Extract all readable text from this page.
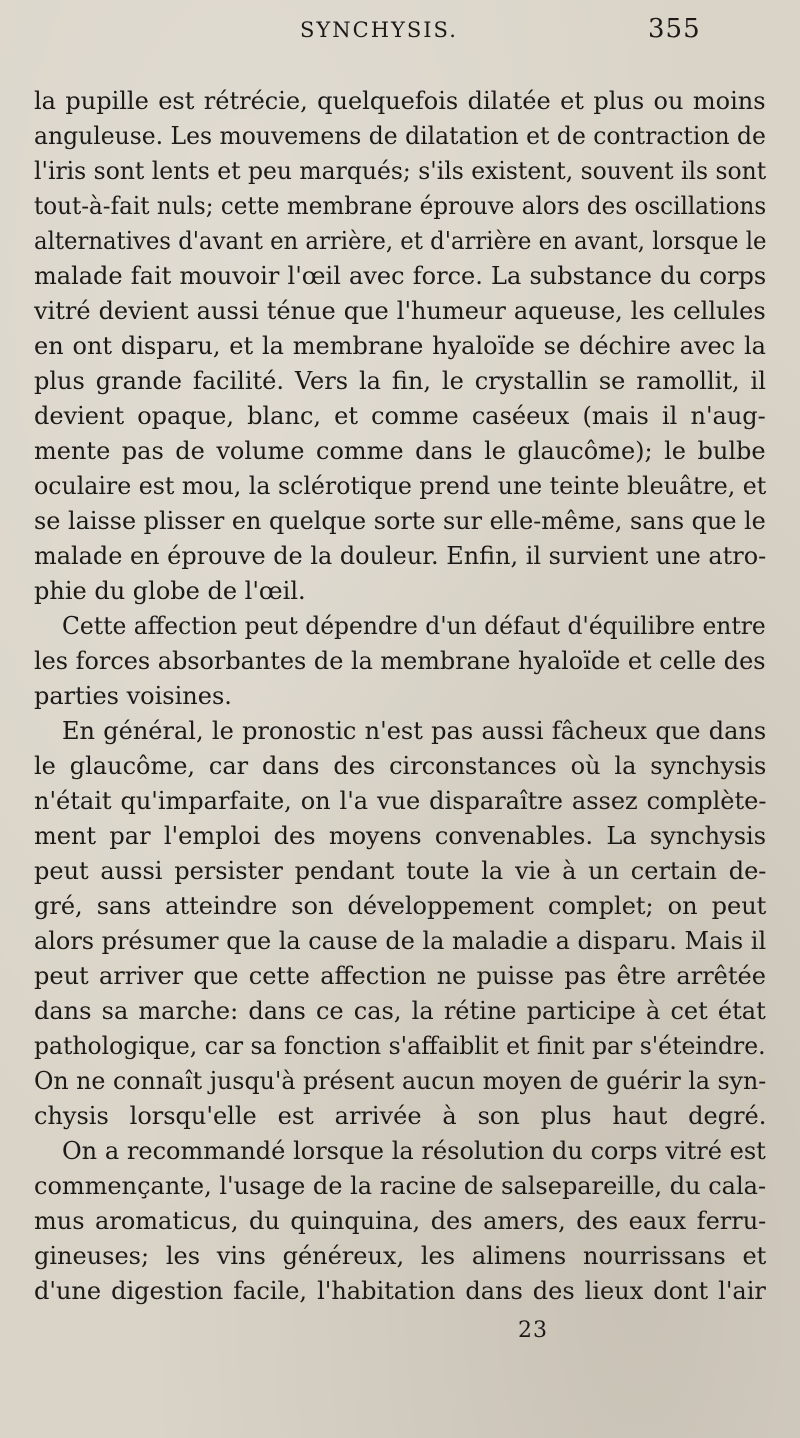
SYNCHYSIS.	355
la pupille est rétrécie, quelquefois dilatée et plus ou moins
anguleuse. Les mouvemens de dilatation et de contraction de
l'iris sont lents et peu marqués; s'ils existent, souvent ils sont
tout-à-fait nuls; cette membrane éprouve alors des oscillations
alternatives d'avant en arrière, et d'arrière en avant, lorsque le
malade fait mouvoir l'œil avec force. La substance du corps
vitré devient aussi ténue que l'humeur aqueuse, les cellules
en ont disparu, et la membrane hyaloïde se déchire avec la
plus grande facilité. Vers la fin, le crystallin se ramollit, il
devient opaque, blanc, et comme caséeux (mais il n'aug-
mente pas de volume comme dans le glaucôme); le bulbe
oculaire est mou, la sclérotique prend une teinte bleuâtre, et
se laisse plisser en quelque sorte sur elle-même, sans que le
malade en éprouve de la douleur. Enfin, il survient une atro-
phie du globe de l'œil.
Cette affection peut dépendre d'un défaut d'équilibre entre
les forces absorbantes de la membrane hyaloïde et celle des
parties voisines.
En général, le pronostic n'est pas aussi fâcheux que dans
le glaucôme, car dans des circonstances où la synchysis
n'était qu'imparfaite, on l'a vue disparaître assez complète-
ment par l'emploi des moyens convenables. La synchysis
peut aussi persister pendant toute la vie à un certain de-
gré, sans atteindre son développement complet; on peut
alors présumer que la cause de la maladie a disparu. Mais il
peut arriver que cette affection ne puisse pas être arrêtée
dans sa marche: dans ce cas, la rétine participe à cet état
pathologique, car sa fonction s'affaiblit et finit par s'éteindre.
On ne connaît jusqu'à présent aucun moyen de guérir la syn-
chysis lorsqu'elle est arrivée à son plus haut degré.
On a recommandé lorsque la résolution du corps vitré est
commençante, l'usage de la racine de salsepareille, du cala-
mus aromaticus, du quinquina, des amers, des eaux ferru-
gineuses; les vins généreux, les alimens nourrissans et
d'une digestion facile, l'habitation dans des lieux dont l'air
23
